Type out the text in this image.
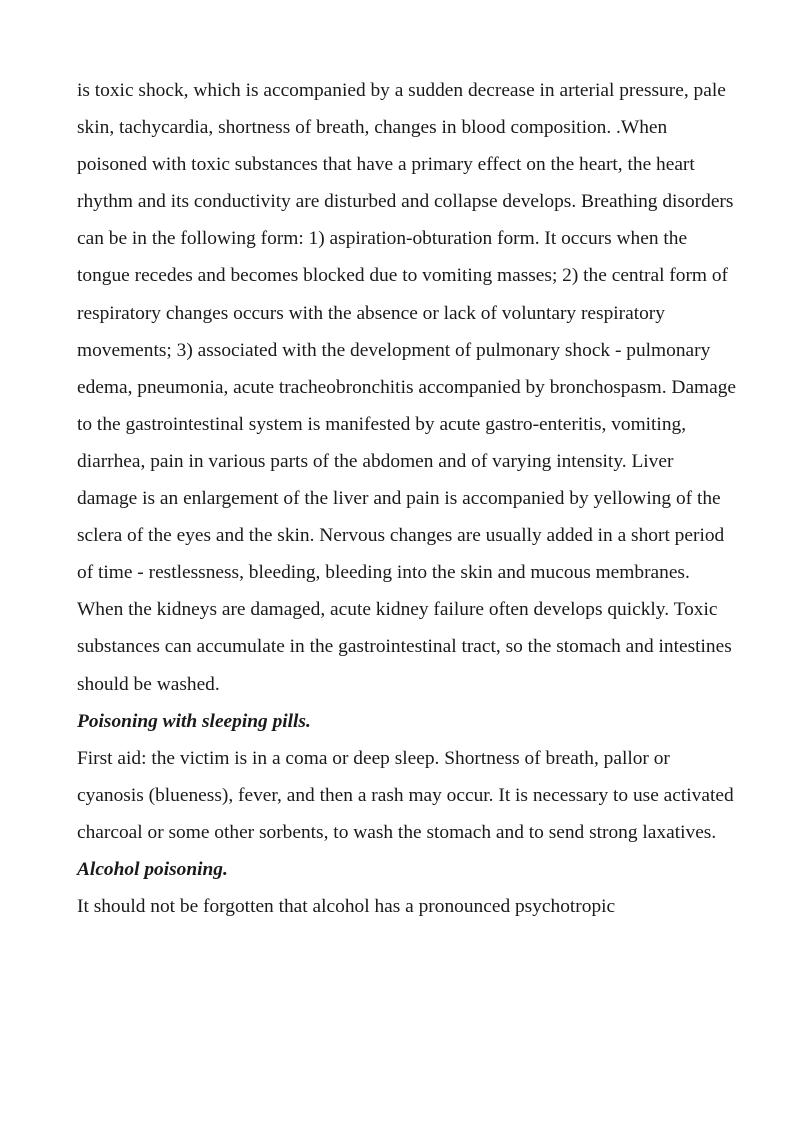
is toxic shock, which is accompanied by a sudden decrease in arterial pressure, pale skin, tachycardia, shortness of breath, changes in blood composition. .When poisoned with toxic substances that have a primary effect on the heart, the heart rhythm and its conductivity are disturbed and collapse develops. Breathing disorders can be in the following form: 1) aspiration-obturation form. It occurs when the tongue recedes and becomes blocked due to vomiting masses; 2) the central form of respiratory changes occurs with the absence or lack of voluntary respiratory movements; 3) associated with the development of pulmonary shock - pulmonary edema, pneumonia, acute tracheobronchitis accompanied by bronchospasm. Damage to the gastrointestinal system is manifested by acute gastro-enteritis, vomiting, diarrhea, pain in various parts of the abdomen and of varying intensity. Liver damage is an enlargement of the liver and pain is accompanied by yellowing of the sclera of the eyes and the skin. Nervous changes are usually added in a short period of time - restlessness, bleeding, bleeding into the skin and mucous membranes.

When the kidneys are damaged, acute kidney failure often develops quickly. Toxic substances can accumulate in the gastrointestinal tract, so the stomach and intestines should be washed.

Poisoning with sleeping pills.

First aid: the victim is in a coma or deep sleep. Shortness of breath, pallor or cyanosis (blueness), fever, and then a rash may occur. It is necessary to use activated charcoal or some other sorbents, to wash the stomach and to send strong laxatives.

Alcohol poisoning.

It should not be forgotten that alcohol has a pronounced psychotropic
